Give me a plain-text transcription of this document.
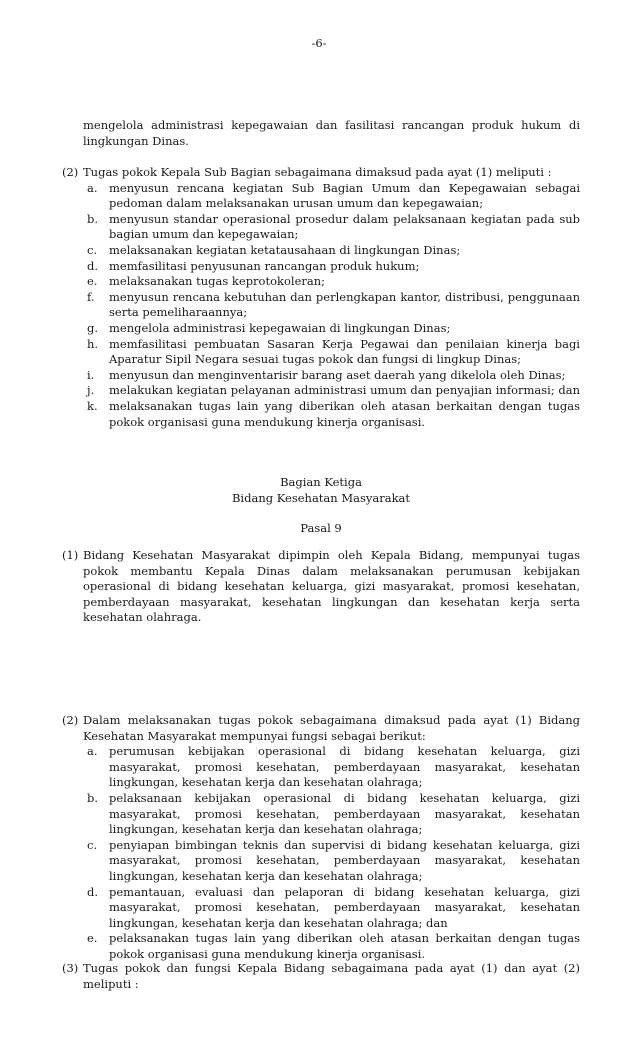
-6-

mengelola administrasi kepegawaian dan fasilitasi rancangan produk hukum di lingkungan Dinas.

(2) Tugas pokok Kepala Sub Bagian sebagaimana dimaksud pada ayat (1) meliputi :
a. menyusun rencana kegiatan Sub Bagian Umum dan Kepegawaian sebagai pedoman dalam melaksanakan urusan umum dan kepegawaian;
b. menyusun standar operasional prosedur dalam pelaksanaan kegiatan pada sub bagian umum dan kepegawaian;
c.	melaksanakan kegiatan ketatausahaan di lingkungan Dinas;
d. memfasilitasi penyusunan rancangan produk hukum;
e.	melaksanakan tugas keprotokoleran;
f.	menyusun rencana kebutuhan dan perlengkapan kantor, distribusi, penggunaan serta pemeliharaannya;
g. mengelola administrasi kepegawaian di lingkungan Dinas;
h. memfasilitasi pembuatan Sasaran Kerja Pegawai dan penilaian kinerja bagi Aparatur Sipil Negara sesuai tugas pokok dan fungsi di lingkup Dinas;
i.	menyusun dan menginventarisir barang aset daerah yang dikelola oleh Dinas;
j.	melakukan kegiatan pelayanan administrasi umum dan penyajian informasi; dan
k. melaksanakan tugas lain yang diberikan oleh atasan berkaitan dengan tugas pokok organisasi guna mendukung kinerja organisasi.
Bagian Ketiga
Bidang Kesehatan Masyarakat
Pasal 9
(1) Bidang Kesehatan Masyarakat dipimpin oleh Kepala Bidang, mempunyai tugas pokok membantu Kepala Dinas dalam melaksanakan perumusan kebijakan operasional di bidang kesehatan keluarga, gizi masyarakat, promosi kesehatan, pemberdayaan masyarakat, kesehatan lingkungan dan kesehatan kerja serta kesehatan olahraga.
(2) Dalam melaksanakan tugas pokok sebagaimana dimaksud pada ayat (1) Bidang Kesehatan Masyarakat mempunyai fungsi sebagai berikut:
a. perumusan kebijakan operasional di bidang kesehatan keluarga, gizi masyarakat, promosi kesehatan, pemberdayaan masyarakat, kesehatan lingkungan, kesehatan kerja dan kesehatan olahraga;
b. pelaksanaan kebijakan operasional di bidang kesehatan keluarga, gizi masyarakat, promosi kesehatan, pemberdayaan masyarakat, kesehatan lingkungan, kesehatan kerja dan kesehatan olahraga;
c.	penyiapan bimbingan teknis dan supervisi di bidang kesehatan keluarga, gizi masyarakat, promosi kesehatan, pemberdayaan masyarakat, kesehatan lingkungan, kesehatan kerja dan kesehatan olahraga;
d. pemantauan, evaluasi dan pelaporan di bidang kesehatan keluarga, gizi masyarakat, promosi kesehatan, pemberdayaan masyarakat, kesehatan lingkungan, kesehatan kerja dan kesehatan olahraga; dan
e.	pelaksanakan tugas lain yang diberikan oleh atasan berkaitan dengan tugas pokok organisasi guna mendukung kinerja organisasi.
(3) Tugas pokok dan fungsi Kepala Bidang sebagaimana pada ayat (1) dan ayat (2) meliputi :
